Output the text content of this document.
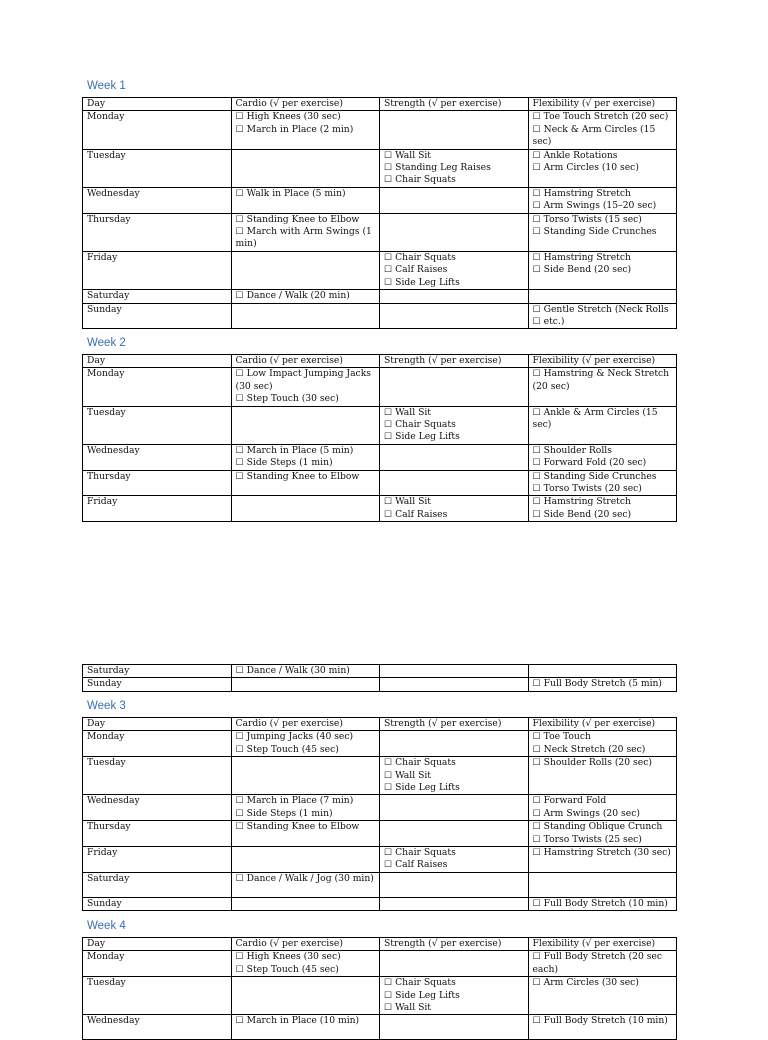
Week 1
Day	Cardio (√ per exercise)	Strength (√ per exercise)	Flexibility (√ per exercise)
Monday	☐ High Knees (30 sec)
☐ March in Place (2 min)		☐ Toe Touch Stretch (20 sec)
☐ Neck & Arm Circles (15 sec)

Tuesday		☐ Wall Sit
☐ Standing Leg Raises
☐ Chair Squats	☐ Ankle Rotations
☐ Arm Circles (10 sec)

Wednesday	☐ Walk in Place (5 min)		☐ Hamstring Stretch
☐ Arm Swings (15–20 sec)

Thursday	☐ Standing Knee to Elbow
☐ March with Arm Swings (1 min)		☐ Torso Twists (15 sec)
☐ Standing Side Crunches

Friday		☐ Chair Squats
☐ Calf Raises
☐ Side Leg Lifts	☐ Hamstring Stretch
☐ Side Bend (20 sec)

Saturday	☐ Dance / Walk (20 min)		

Sunday			☐ Gentle Stretch (Neck Rolls ☐ etc.)
Week 2
Day	Cardio (√ per exercise)	Strength (√ per exercise)	Flexibility (√ per exercise)
Monday	☐ Low Impact Jumping Jacks (30 sec)
☐ Step Touch (30 sec)		☐ Hamstring & Neck Stretch (20 sec)

Tuesday		☐ Wall Sit
☐ Chair Squats
☐ Side Leg Lifts	☐ Ankle & Arm Circles (15 sec)

Wednesday	☐ March in Place (5 min)
☐ Side Steps (1 min)		☐ Shoulder Rolls
☐ Forward Fold (20 sec)

Thursday	☐ Standing Knee to Elbow		☐ Standing Side Crunches
☐ Torso Twists (20 sec)

Friday		☐ Wall Sit
☐ Calf Raises	☐ Hamstring Stretch
☐ Side Bend (20 sec)
Saturday	☐ Dance / Walk (30 min)		

Sunday			☐ Full Body Stretch (5 min)
Week 3
Day	Cardio (√ per exercise)	Strength (√ per exercise)	Flexibility (√ per exercise)
Monday	☐ Jumping Jacks (40 sec)
☐ Step Touch (45 sec)		☐ Toe Touch
☐ Neck Stretch (20 sec)

Tuesday		☐ Chair Squats
☐ Wall Sit
☐ Side Leg Lifts	☐ Shoulder Rolls (20 sec)

Wednesday	☐ March in Place (7 min)
☐ Side Steps (1 min)		☐ Forward Fold
☐ Arm Swings (20 sec)

Thursday	☐ Standing Knee to Elbow		☐ Standing Oblique Crunch
☐ Torso Twists (25 sec)

Friday		☐ Chair Squats
☐ Calf Raises	☐ Hamstring Stretch (30 sec)

Saturday	☐ Dance / Walk / Jog (30 min)		

Sunday			☐ Full Body Stretch (10 min)
Week 4
Day	Cardio (√ per exercise)	Strength (√ per exercise)	Flexibility (√ per exercise)
Monday	☐ High Knees (30 sec)
☐ Step Touch (45 sec)		☐ Full Body Stretch (20 sec each)

Tuesday		☐ Chair Squats
☐ Side Leg Lifts
☐ Wall Sit	☐ Arm Circles (30 sec)

Wednesday	☐ March in Place (10 min)		☐ Full Body Stretch (10 min)
